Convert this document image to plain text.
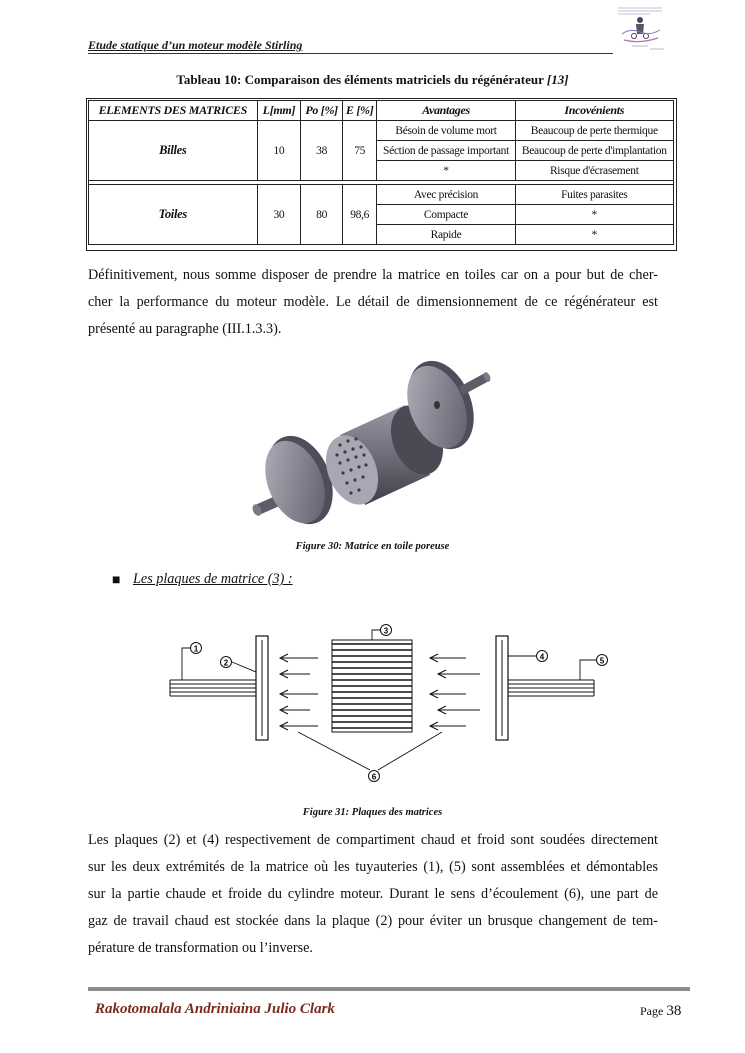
Etude statique d’un moteur modèle Stirling
Tableau 10: Comparaison des éléments matriciels du régénérateur [13]
ELEMENTS DES MATRICES	L[mm]	Po [%]	E [%]	Avantages	Incovénients
Billes	10	38	75	Bésoin de volume mort	Beaucoup de perte thermique
				Séction de passage important	Beaucoup de perte d'implantation
				*	Risque d'écrasement

Toiles	30	80	98,6	Avec précision	Fuites parasites
				Compacte	*
				Rapide	*
Définitivement, nous somme disposer de prendre la matrice en toiles car on a pour but de cher-
cher la performance du moteur modèle. Le détail de dimensionnement de ce régénérateur est
présenté au paragraphe (III.1.3.3).
Figure 30: Matrice en toile poreuse
■ Les plaques de matrice (3) :
1
2
3
4	5
6
Figure 31: Plaques des matrices
Les plaques (2) et (4) respectivement de compartiment chaud et froid sont soudées directement
sur les deux extrémités de la matrice où les tuyauteries (1), (5) sont assemblées et démontables
sur la partie chaude et froide du cylindre moteur. Durant le sens d’écoulement (6), une part de
gaz de travail chaud est stockée dans la plaque (2) pour éviter un brusque changement de tem-
pérature de transformation ou l’inverse.
Rakotomalala Andriniaina Julio Clark	Page 38
